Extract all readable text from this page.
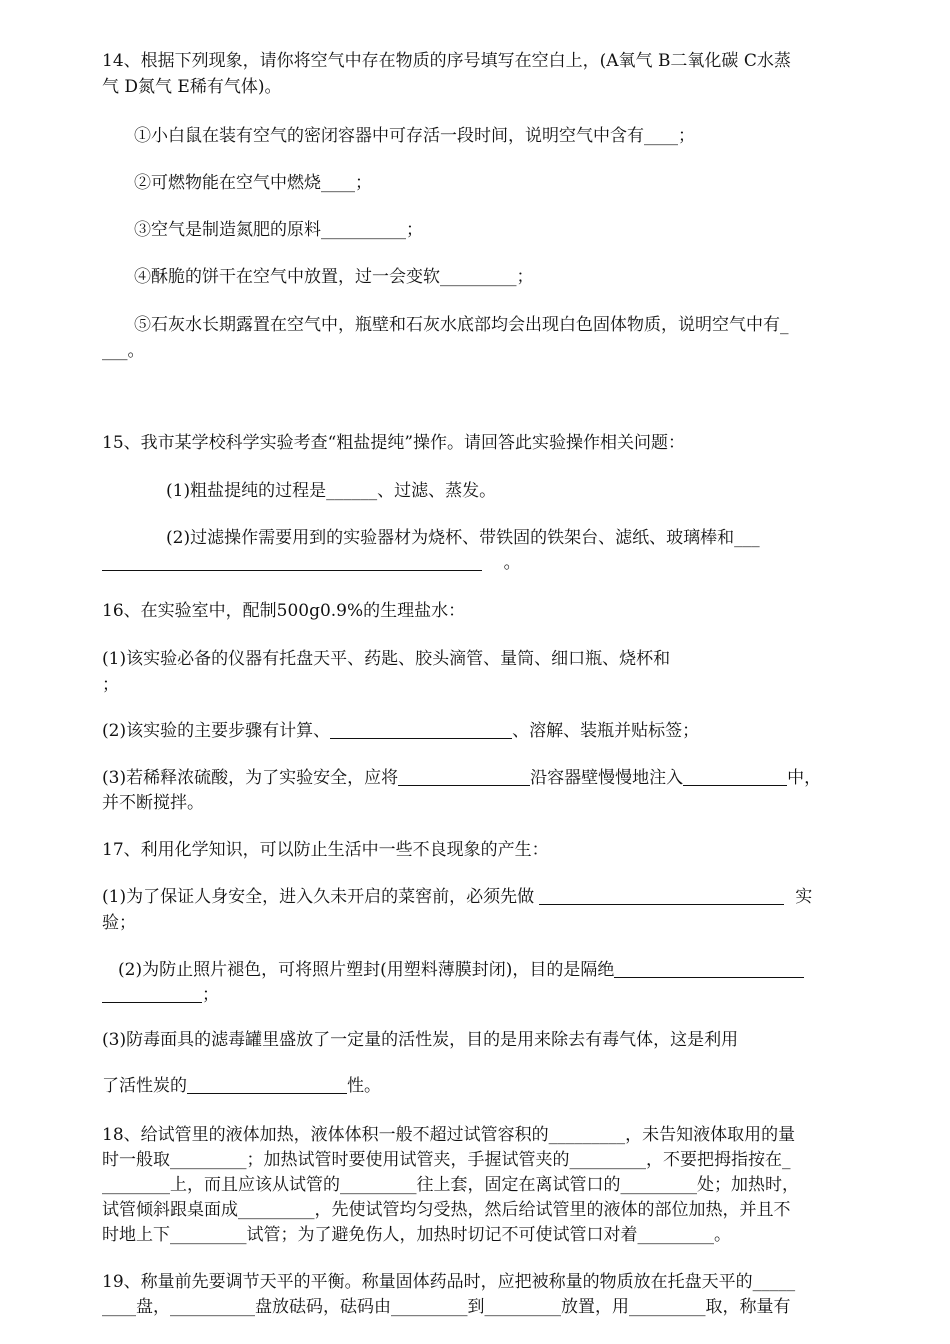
14、根据下列现象，请你将空气中存在物质的序号填写在空白上，(A氧气 B二氧化碳 C水蒸
气 D氮气 E稀有气体)。
①小白鼠在装有空气的密闭容器中可存活一段时间，说明空气中含有____；
②可燃物能在空气中燃烧____；
③空气是制造氮肥的原料__________；
④酥脆的饼干在空气中放置，过一会变软_________；
⑤石灰水长期露置在空气中，瓶壁和石灰水底部均会出现白色固体物质，说明空气中有_
___。
15、我市某学校科学实验考查“粗盐提纯”操作。请回答此实验操作相关问题：
(1)粗盐提纯的过程是______、过滤、蒸发。
(2)过滤操作需要用到的实验器材为烧杯、带铁固的铁架台、滤纸、玻璃棒和___
。
16、在实验室中，配制500g0.9%的生理盐水：
(1)该实验必备的仪器有托盘天平、药匙、胶头滴管、量筒、细口瓶、烧杯和
；
(2)该实验的主要步骤有计算、	、溶解、装瓶并贴标签；
(3)若稀释浓硫酸，为了实验安全，应将	沿容器壁慢慢地注入	中，
并不断搅拌。
17、利用化学知识，可以防止生活中一些不良现象的产生：
(1)为了保证人身安全，进入久未开启的菜窖前，必须先做	实
验；
(2)为防止照片褪色，可将照片塑封(用塑料薄膜封闭)，目的是隔绝
；
(3)防毒面具的滤毒罐里盛放了一定量的活性炭，目的是用来除去有毒气体，这是利用
了活性炭的	性。
18、给试管里的液体加热，液体体积一般不超过试管容积的_________，未告知液体取用的量
时一般取_________；加热试管时要使用试管夹，手握试管夹的_________，不要把拇指按在_
________上，而且应该从试管的_________往上套，固定在离试管口的_________处；加热时，
试管倾斜跟桌面成_________，先使试管均匀受热，然后给试管里的液体的部位加热，并且不
时地上下_________试管；为了避免伤人，加热时切记不可使试管口对着_________。
19、称量前先要调节天平的平衡。称量固体药品时，应把被称量的物质放在托盘天平的_____
____盘，__________盘放砝码，砝码由_________到_________放置，用_________取，称量有
